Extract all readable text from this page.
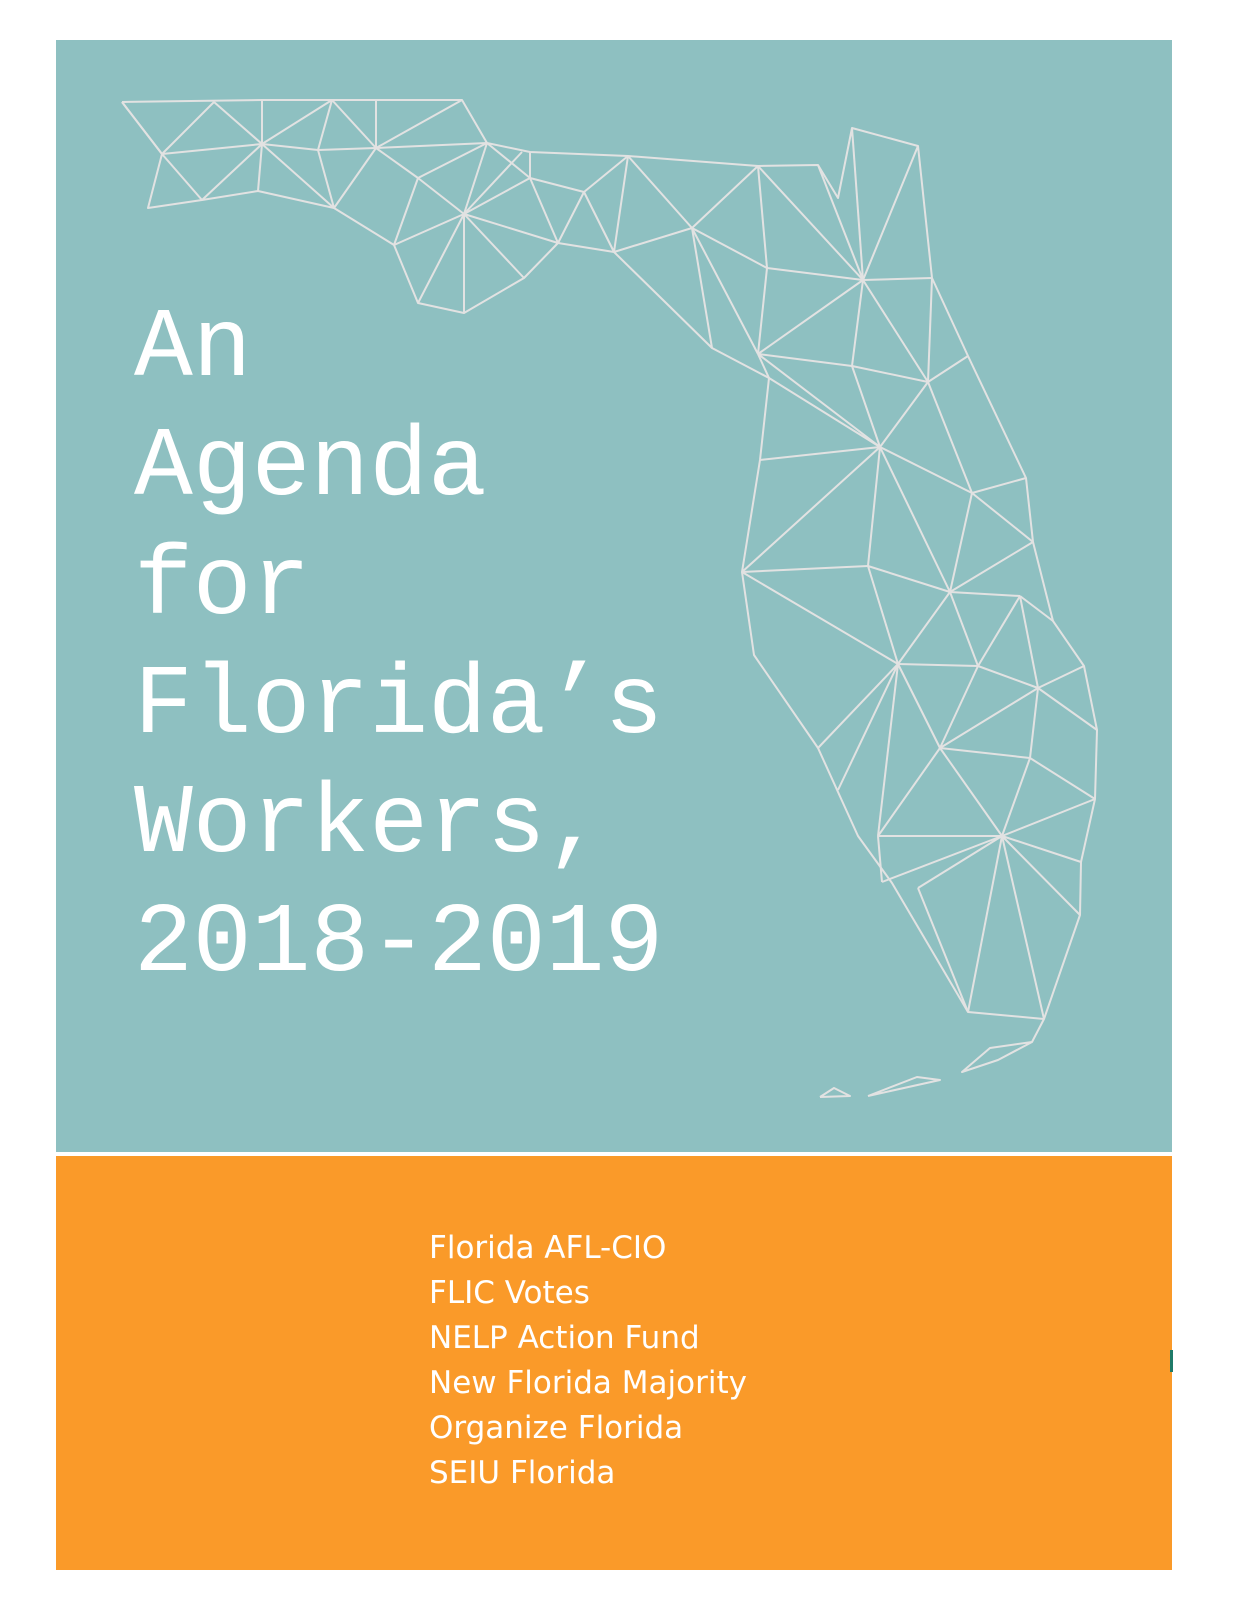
An
Agenda
for
Florida’s
Workers,
2018-2019
Florida AFL-CIO
FLIC Votes
NELP Action Fund
New Florida Majority
Organize Florida
SEIU Florida
